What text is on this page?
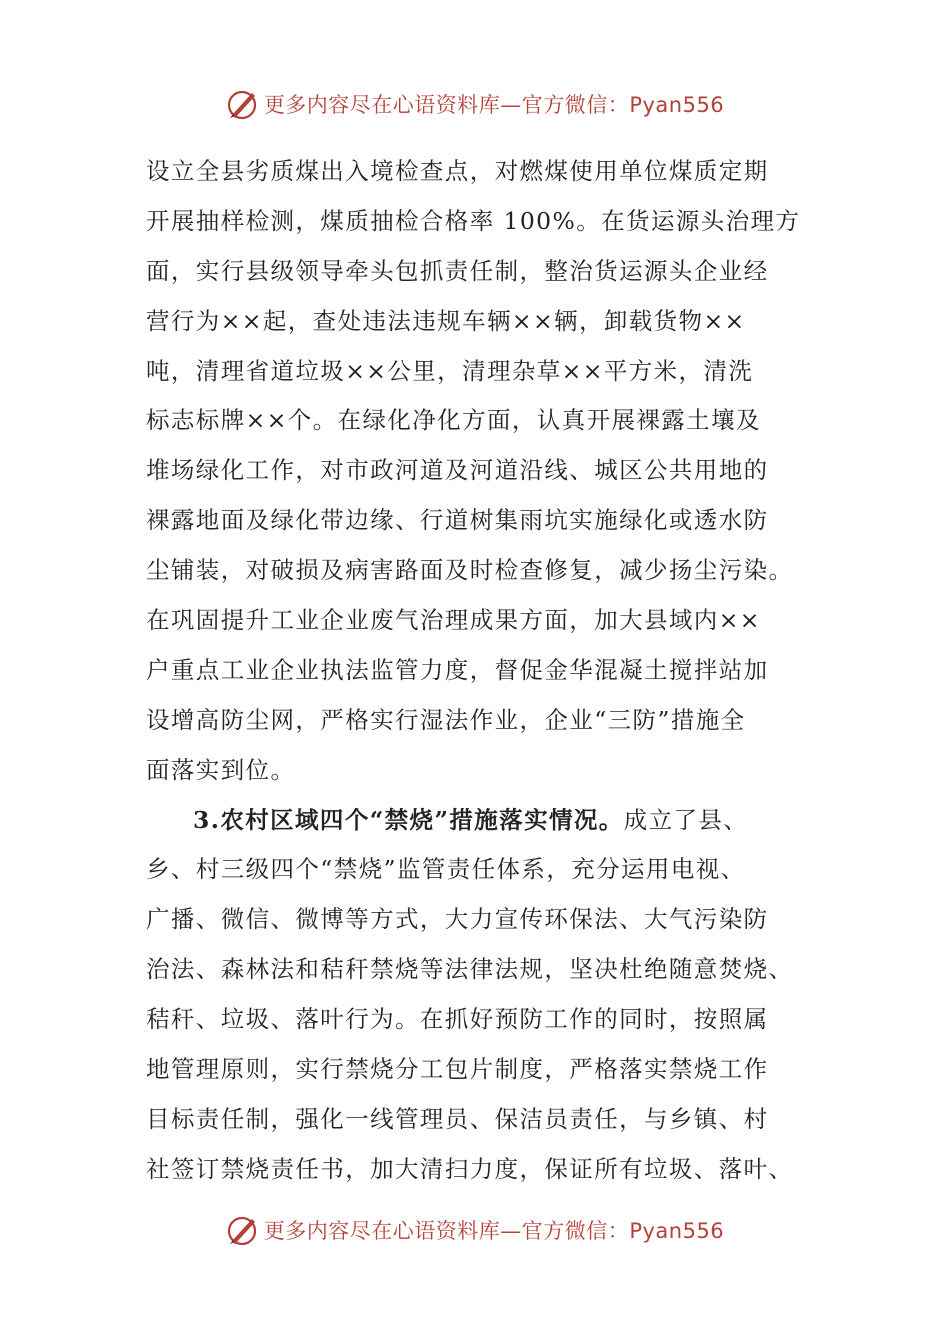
更多内容尽在心语资料库—官方微信：Pyan556
设立全县劣质煤出入境检查点，对燃煤使用单位煤质定期
开展抽样检测，煤质抽检合格率 100%。在货运源头治理方
面，实行县级领导牵头包抓责任制，整治货运源头企业经
营行为××起，查处违法违规车辆××辆，卸载货物××
吨，清理省道垃圾××公里，清理杂草××平方米，清洗
标志标牌××个。在绿化净化方面，认真开展裸露土壤及
堆场绿化工作，对市政河道及河道沿线、城区公共用地的
裸露地面及绿化带边缘、行道树集雨坑实施绿化或透水防
尘铺装，对破损及病害路面及时检查修复，减少扬尘污染。
在巩固提升工业企业废气治理成果方面，加大县域内××
户重点工业企业执法监管力度，督促金华混凝土搅拌站加
设增高防尘网，严格实行湿法作业，企业“三防”措施全
面落实到位。
3.农村区域四个“禁烧”措施落实情况。成立了县、
乡、村三级四个“禁烧”监管责任体系，充分运用电视、
广播、微信、微博等方式，大力宣传环保法、大气污染防
治法、森林法和秸秆禁烧等法律法规，坚决杜绝随意焚烧、
秸秆、垃圾、落叶行为。在抓好预防工作的同时，按照属
地管理原则，实行禁烧分工包片制度，严格落实禁烧工作
目标责任制，强化一线管理员、保洁员责任，与乡镇、村
社签订禁烧责任书，加大清扫力度，保证所有垃圾、落叶、
更多内容尽在心语资料库—官方微信：Pyan556
